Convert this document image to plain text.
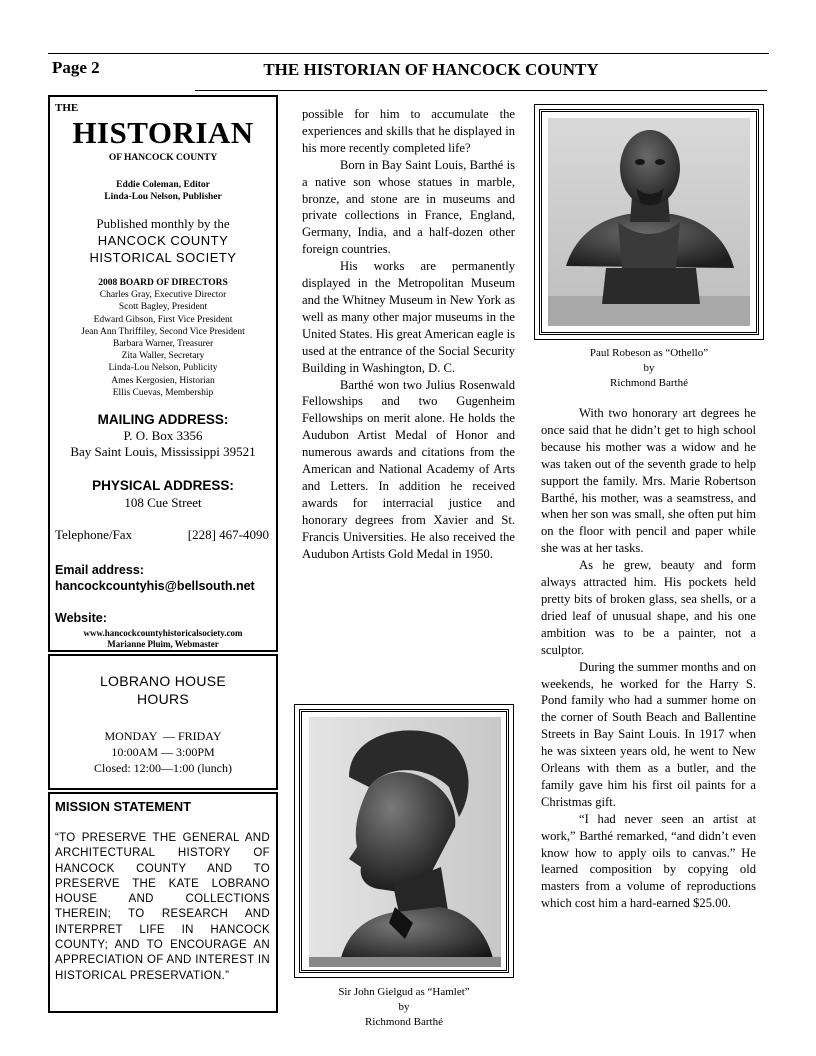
Page 2	THE HISTORIAN OF HANCOCK COUNTY
THE
HISTORIAN
OF HANCOCK COUNTY
Eddie Coleman, Editor
Linda-Lou Nelson, Publisher
Published monthly by the
HANCOCK COUNTY
HISTORICAL SOCIETY
2008 BOARD OF DIRECTORS
Charles Gray, Executive Director
Scott Bagley, President
Edward Gibson, First Vice President
Jean Ann Thriffiley, Second Vice President
Barbara Warner, Treasurer
Zita Waller, Secretary
Linda-Lou Nelson, Publicity
Ames Kergosien, Historian
Ellis Cuevas, Membership
MAILING ADDRESS:
P. O. Box 3356
Bay Saint Louis, Mississippi 39521
PHYSICAL ADDRESS:
108 Cue Street
Telephone/Fax	[228] 467-4090
Email address:
hancockcountyhis@bellsouth.net
Website:
www.hancockcountyhistoricalsociety.com
Marianne Pluim, Webmaster
LOBRANO HOUSE
HOURS
MONDAY  — FRIDAY
10:00AM — 3:00PM
Closed: 12:00—1:00 (lunch)
MISSION STATEMENT
“TO PRESERVE THE GENERAL AND ARCHITECTURAL HISTORY OF HANCOCK COUNTY AND TO PRESERVE THE KATE LOBRANO HOUSE AND COLLECTIONS THEREIN; TO RESEARCH AND INTERPRET LIFE IN HANCOCK COUNTY; AND TO ENCOURAGE AN APPRECIATION OF AND INTEREST IN HISTORICAL PRESERVATION.”

possible for him to accumulate the experiences and skills that he displayed in his more recently completed life?

Born in Bay Saint Louis, Barthé is a native son whose statues in marble, bronze, and stone are in museums and private collections in France, England, Germany, India, and a half-dozen other foreign countries.

His works are permanently displayed in the Metropolitan Museum and the Whitney Museum in New York as well as many other major museums in the United States. His great American eagle is used at the entrance of the Social Security Building in Washington, D. C.

Barthé won two Julius Rosenwald Fellowships and two Gugenheim Fellowships on merit alone. He holds the Audubon Artist Medal of Honor and numerous awards and citations from the American and National Academy of Arts and Letters. In addition he received awards for interracial justice and honorary degrees from Xavier and St. Francis Universities. He also received the Audubon Artists Gold Medal in 1950.

With two honorary art degrees he once said that he didn’t get to high school because his mother was a widow and he was taken out of the seventh grade to help support the family. Mrs. Marie Robertson Barthé, his mother, was a seamstress, and when her son was small, she often put him on the floor with pencil and paper while she was at her tasks.

As he grew, beauty and form always attracted him. His pockets held pretty bits of broken glass, sea shells, or a dried leaf of unusual shape, and his one ambition was to be a painter, not a sculptor.

During the summer months and on weekends, he worked for the Harry S. Pond family who had a summer home on the corner of South Beach and Ballentine Streets in Bay Saint Louis. In 1917 when he was sixteen years old, he went to New Orleans with them as a butler, and the family gave him his first oil paints for a Christmas gift.

“I had never seen an artist at work,” Barthé remarked, “and didn’t even know how to apply oils to canvas.” He learned composition by copying old masters from a volume of reproductions which cost him a hard-earned $25.00.

Paul Robeson as “Othello”
by
Richmond Barthé
Sir John Gielgud as “Hamlet”
by
Richmond Barthé
